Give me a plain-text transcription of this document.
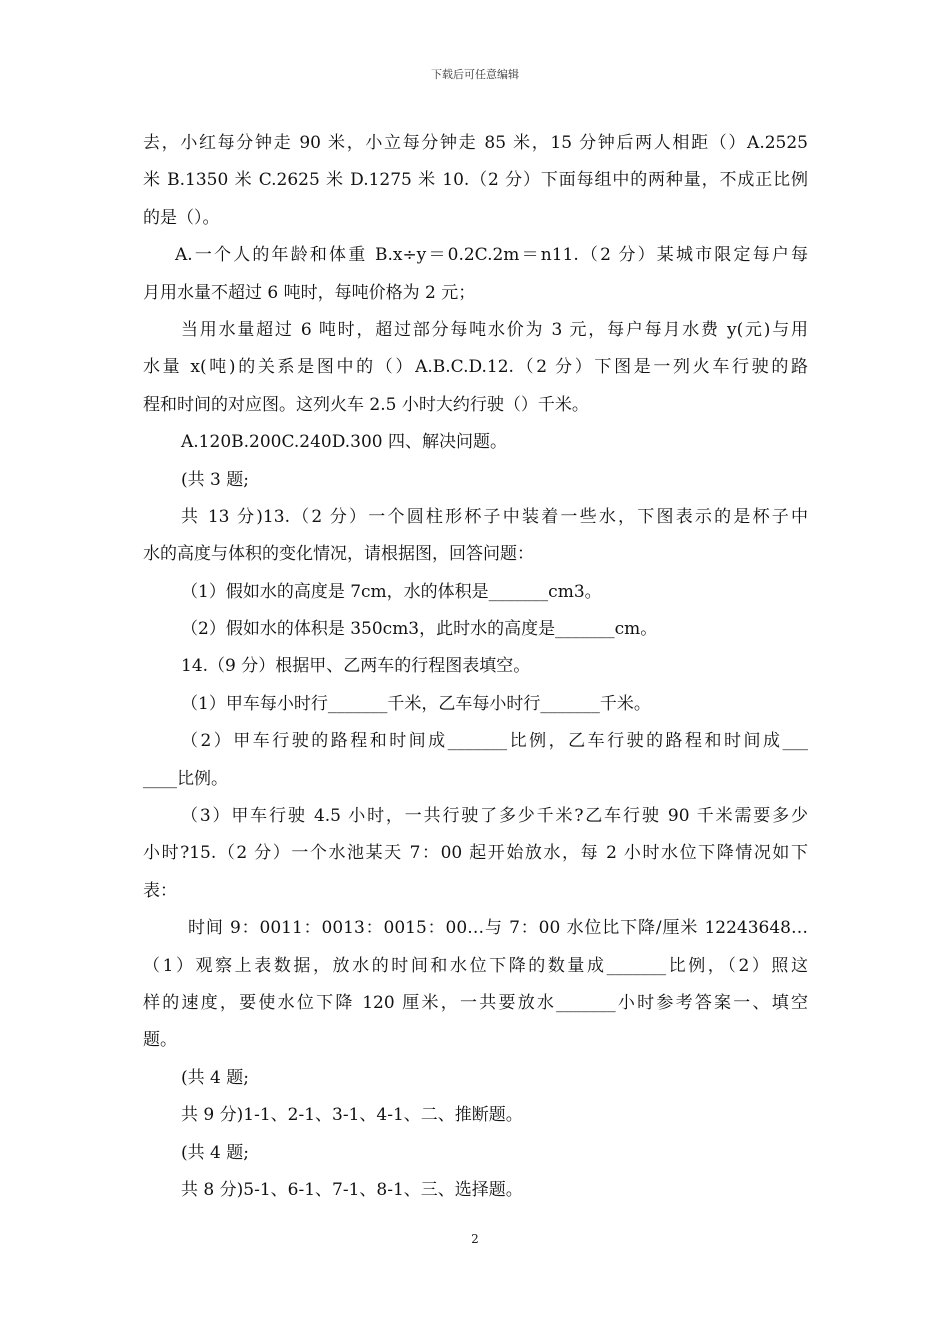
下载后可任意编辑
去，小红每分钟走 90 米，小立每分钟走 85 米，15 分钟后两人相距（）A.2525
米 B.1350 米 C.2625 米 D.1275 米 10.（2 分）下面每组中的两种量，不成正比例
的是（）。
A.一个人的年龄和体重 B.x÷y＝0.2C.2m＝n11.（2 分）某城市限定每户每
月用水量不超过 6 吨时，每吨价格为 2 元；
当用水量超过 6 吨时，超过部分每吨水价为 3 元，每户每月水费 y(元)与用
水量 x(吨)的关系是图中的（）A.B.C.D.12.（2 分）下图是一列火车行驶的路
程和时间的对应图。这列火车 2.5 小时大约行驶（）千米。
A.120B.200C.240D.300 四、解决问题。
(共 3 题;
共 13 分)13.（2 分）一个圆柱形杯子中装着一些水，下图表示的是杯子中
水的高度与体积的变化情况，请根据图，回答问题：
（1）假如水的高度是 7cm，水的体积是_______cm3。
（2）假如水的体积是 350cm3，此时水的高度是_______cm。
14.（9 分）根据甲、乙两车的行程图表填空。
（1）甲车每小时行_______千米，乙车每小时行_______千米。
（2）甲车行驶的路程和时间成_______比例，乙车行驶的路程和时间成___
____比例。
（3）甲车行驶 4.5 小时，一共行驶了多少千米?乙车行驶 90 千米需要多少
小时?15.（2 分）一个水池某天 7：00 起开始放水，每 2 小时水位下降情况如下
表：
时间 9：0011：0013：0015：00…与 7：00 水位比下降/厘米 12243648…
（1）观察上表数据，放水的时间和水位下降的数量成_______比例，（2）照这
样的速度，要使水位下降 120 厘米，一共要放水_______小时参考答案一、填空
题。
(共 4 题;
共 9 分)1-1、2-1、3-1、4-1、二、推断题。
(共 4 题;
共 8 分)5-1、6-1、7-1、8-1、三、选择题。
2
